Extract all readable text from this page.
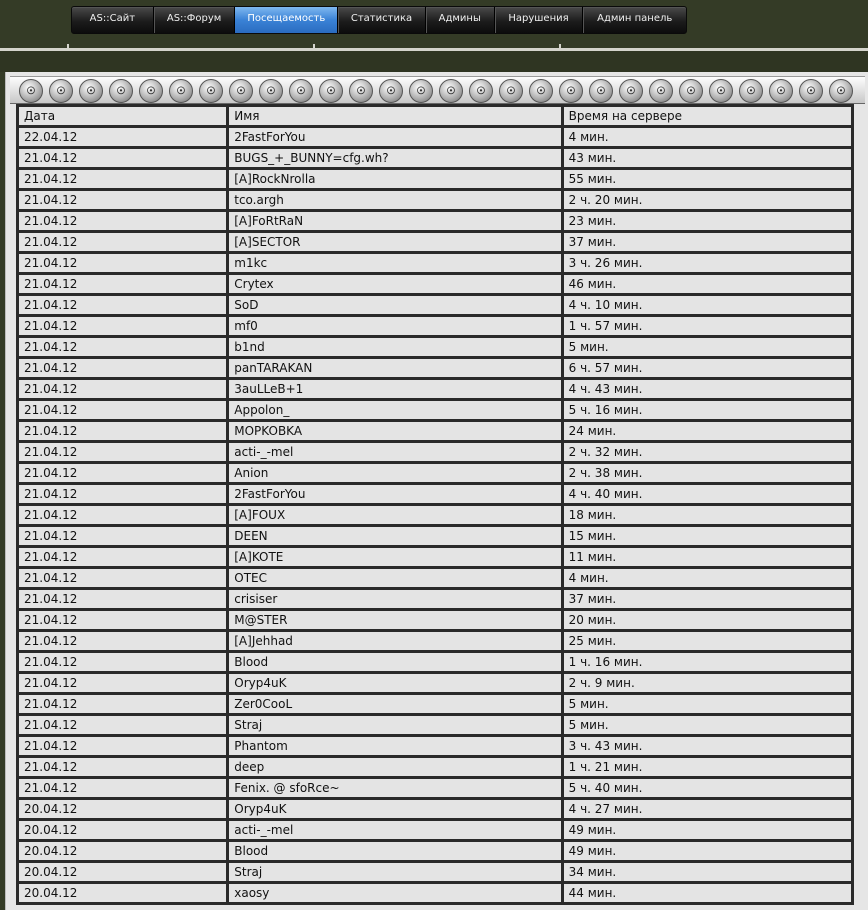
AS::Сайт	AS::Форум	Посещаемость	Статистика	Админы	Нарушения	Админ панель
☉	☉	☉	☉	☉	☉	☉	☉	☉	☉	☉	☉	☉	☉	☉	☉	☉	☉	☉	☉	☉	☉	☉	☉	☉	☉	☉	☉
Дата	Имя	Время на сервере
22.04.12	2FastForYou	4 мин.
21.04.12	BUGS_+_BUNNY=cfg.wh?	43 мин.
21.04.12	[A]RockNrolla	55 мин.
21.04.12	tco.argh	2 ч. 20 мин.
21.04.12	[A]FoRtRaN	23 мин.
21.04.12	[A]SECTOR	37 мин.
21.04.12	m1kc	3 ч. 26 мин.
21.04.12	Crytex	46 мин.
21.04.12	SoD	4 ч. 10 мин.
21.04.12	mf0	1 ч. 57 мин.
21.04.12	b1nd	5 мин.
21.04.12	panTARAKAN	6 ч. 57 мин.
21.04.12	3auLLeB+1	4 ч. 43 мин.
21.04.12	Appolon_	5 ч. 16 мин.
21.04.12	MOPKOBKA	24 мин.
21.04.12	acti-_-mel	2 ч. 32 мин.
21.04.12	Anion	2 ч. 38 мин.
21.04.12	2FastForYou	4 ч. 40 мин.
21.04.12	[A]FOUX	18 мин.
21.04.12	DEEN	15 мин.
21.04.12	[A]KOTE	11 мин.
21.04.12	OTEC	4 мин.
21.04.12	crisiser	37 мин.
21.04.12	M@STER	20 мин.
21.04.12	[A]Jehhad	25 мин.
21.04.12	Blood	1 ч. 16 мин.
21.04.12	Oryp4uK	2 ч. 9 мин.
21.04.12	Zer0CooL	5 мин.
21.04.12	Straj	5 мин.
21.04.12	Phantom	3 ч. 43 мин.
21.04.12	deep	1 ч. 21 мин.
21.04.12	Fenix. @ sfoRce~	5 ч. 40 мин.
20.04.12	Oryp4uK	4 ч. 27 мин.
20.04.12	acti-_-mel	49 мин.
20.04.12	Blood	49 мин.
20.04.12	Straj	34 мин.
20.04.12	xaosy	44 мин.
